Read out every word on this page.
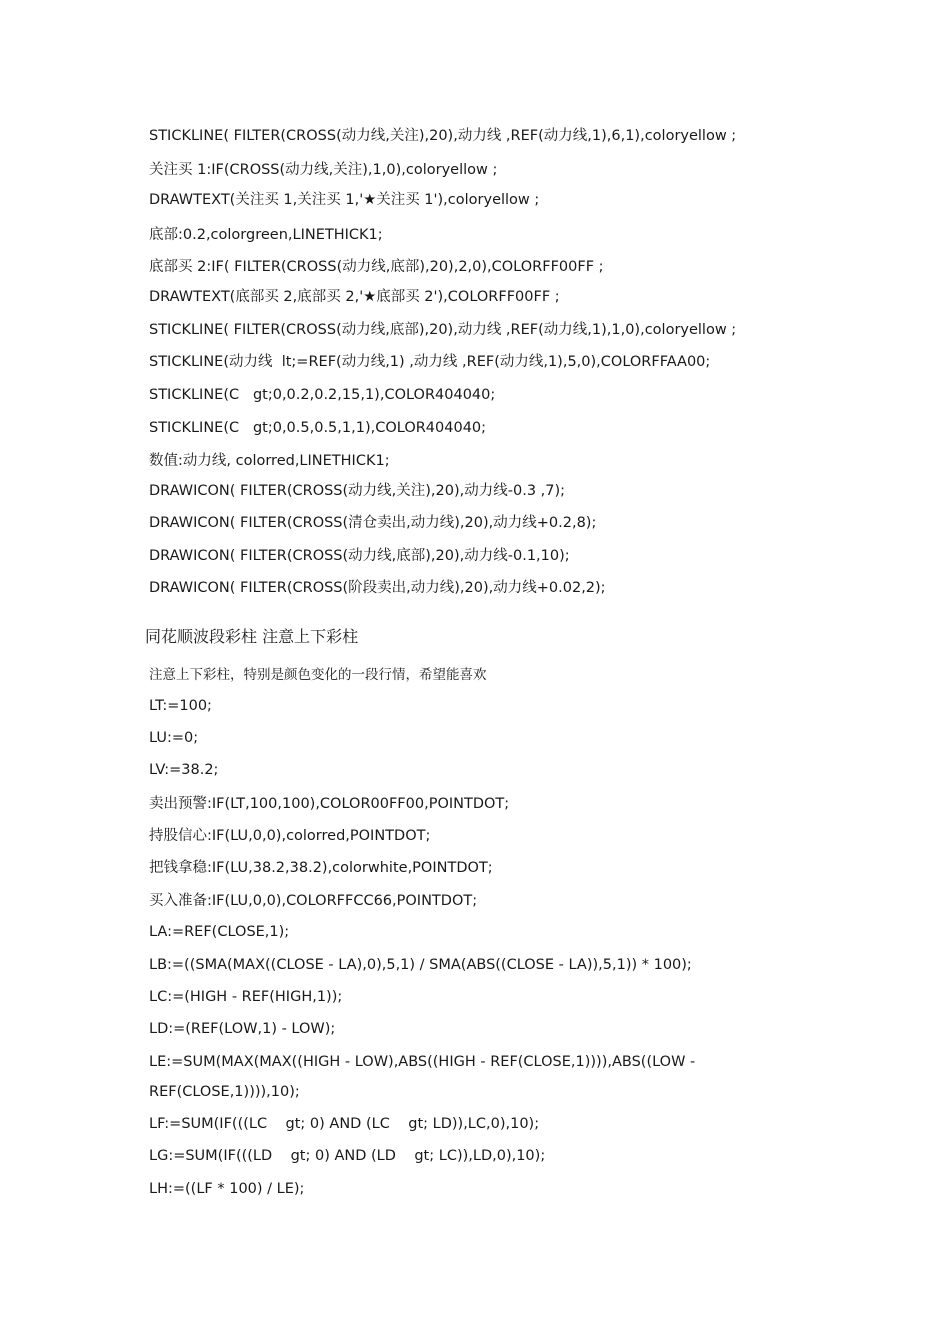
STICKLINE( FILTER(CROSS(动力线,关注),20),动力线 ,REF(动力线,1),6,1),coloryellow ;
关注买 1:IF(CROSS(动力线,关注),1,0),coloryellow ;
DRAWTEXT(关注买 1,关注买 1,'★关注买 1'),coloryellow ;
底部:0.2,colorgreen,LINETHICK1;
底部买 2:IF( FILTER(CROSS(动力线,底部),20),2,0),COLORFF00FF ;
DRAWTEXT(底部买 2,底部买 2,'★底部买 2'),COLORFF00FF ;
STICKLINE( FILTER(CROSS(动力线,底部),20),动力线 ,REF(动力线,1),1,0),coloryellow ;
STICKLINE(动力线  lt;=REF(动力线,1) ,动力线 ,REF(动力线,1),5,0),COLORFFAA00;
STICKLINE(C   gt;0,0.2,0.2,15,1),COLOR404040;
STICKLINE(C   gt;0,0.5,0.5,1,1),COLOR404040;
数值:动力线, colorred,LINETHICK1;
DRAWICON( FILTER(CROSS(动力线,关注),20),动力线-0.3 ,7);
DRAWICON( FILTER(CROSS(清仓卖出,动力线),20),动力线+0.2,8);
DRAWICON( FILTER(CROSS(动力线,底部),20),动力线-0.1,10);
DRAWICON( FILTER(CROSS(阶段卖出,动力线),20),动力线+0.02,2);
同花顺波段彩柱 注意上下彩柱
注意上下彩柱，特别是颜色变化的一段行情，希望能喜欢
LT:=100;
LU:=0;
LV:=38.2;
卖出预警:IF(LT,100,100),COLOR00FF00,POINTDOT;
持股信心:IF(LU,0,0),colorred,POINTDOT;
把钱拿稳:IF(LU,38.2,38.2),colorwhite,POINTDOT;
买入准备:IF(LU,0,0),COLORFFCC66,POINTDOT;
LA:=REF(CLOSE,1);
LB:=((SMA(MAX((CLOSE - LA),0),5,1) / SMA(ABS((CLOSE - LA)),5,1)) * 100);
LC:=(HIGH - REF(HIGH,1));
LD:=(REF(LOW,1) - LOW);
LE:=SUM(MAX(MAX((HIGH - LOW),ABS((HIGH - REF(CLOSE,1)))),ABS((LOW -
REF(CLOSE,1)))),10);
LF:=SUM(IF(((LC    gt; 0) AND (LC    gt; LD)),LC,0),10);
LG:=SUM(IF(((LD    gt; 0) AND (LD    gt; LC)),LD,0),10);
LH:=((LF * 100) / LE);
